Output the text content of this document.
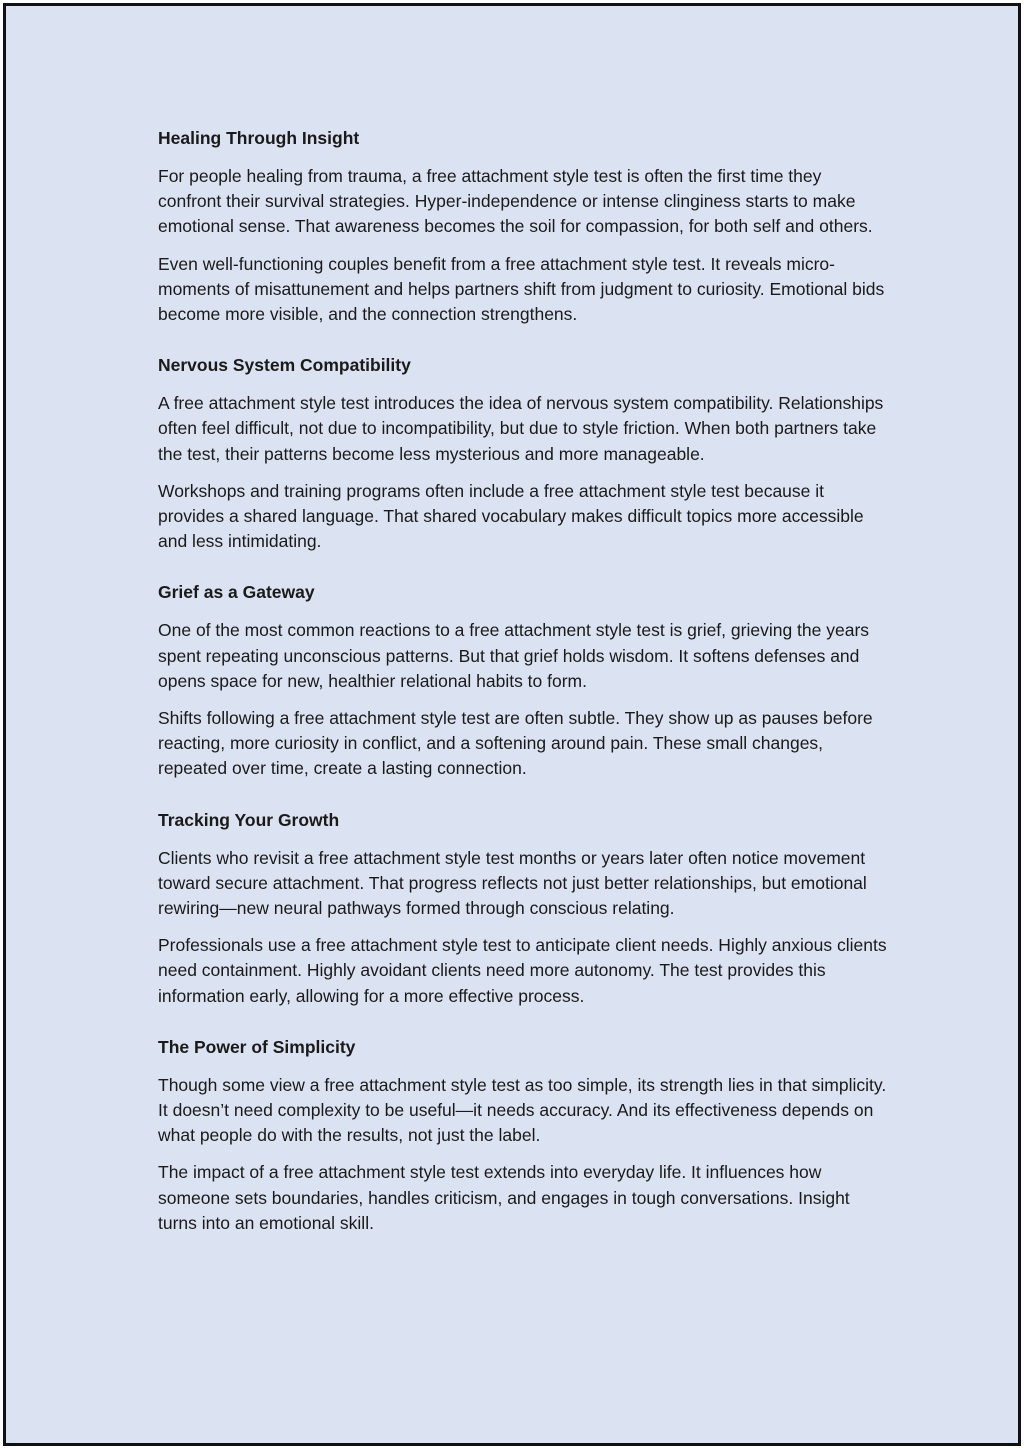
Healing Through Insight

For people healing from trauma, a free attachment style test is often the first time they confront their survival strategies. Hyper-independence or intense clinginess starts to make emotional sense. That awareness becomes the soil for compassion, for both self and others.

Even well-functioning couples benefit from a free attachment style test. It reveals micro-moments of misattunement and helps partners shift from judgment to curiosity. Emotional bids become more visible, and the connection strengthens.

Nervous System Compatibility

A free attachment style test introduces the idea of nervous system compatibility. Relationships often feel difficult, not due to incompatibility, but due to style friction. When both partners take the test, their patterns become less mysterious and more manageable.

Workshops and training programs often include a free attachment style test because it provides a shared language. That shared vocabulary makes difficult topics more accessible and less intimidating.

Grief as a Gateway

One of the most common reactions to a free attachment style test is grief, grieving the years spent repeating unconscious patterns. But that grief holds wisdom. It softens defenses and opens space for new, healthier relational habits to form.

Shifts following a free attachment style test are often subtle. They show up as pauses before reacting, more curiosity in conflict, and a softening around pain. These small changes, repeated over time, create a lasting connection.

Tracking Your Growth

Clients who revisit a free attachment style test months or years later often notice movement toward secure attachment. That progress reflects not just better relationships, but emotional rewiring—new neural pathways formed through conscious relating.

Professionals use a free attachment style test to anticipate client needs. Highly anxious clients need containment. Highly avoidant clients need more autonomy. The test provides this information early, allowing for a more effective process.

The Power of Simplicity

Though some view a free attachment style test as too simple, its strength lies in that simplicity. It doesn’t need complexity to be useful—it needs accuracy. And its effectiveness depends on what people do with the results, not just the label.

The impact of a free attachment style test extends into everyday life. It influences how someone sets boundaries, handles criticism, and engages in tough conversations. Insight turns into an emotional skill.
